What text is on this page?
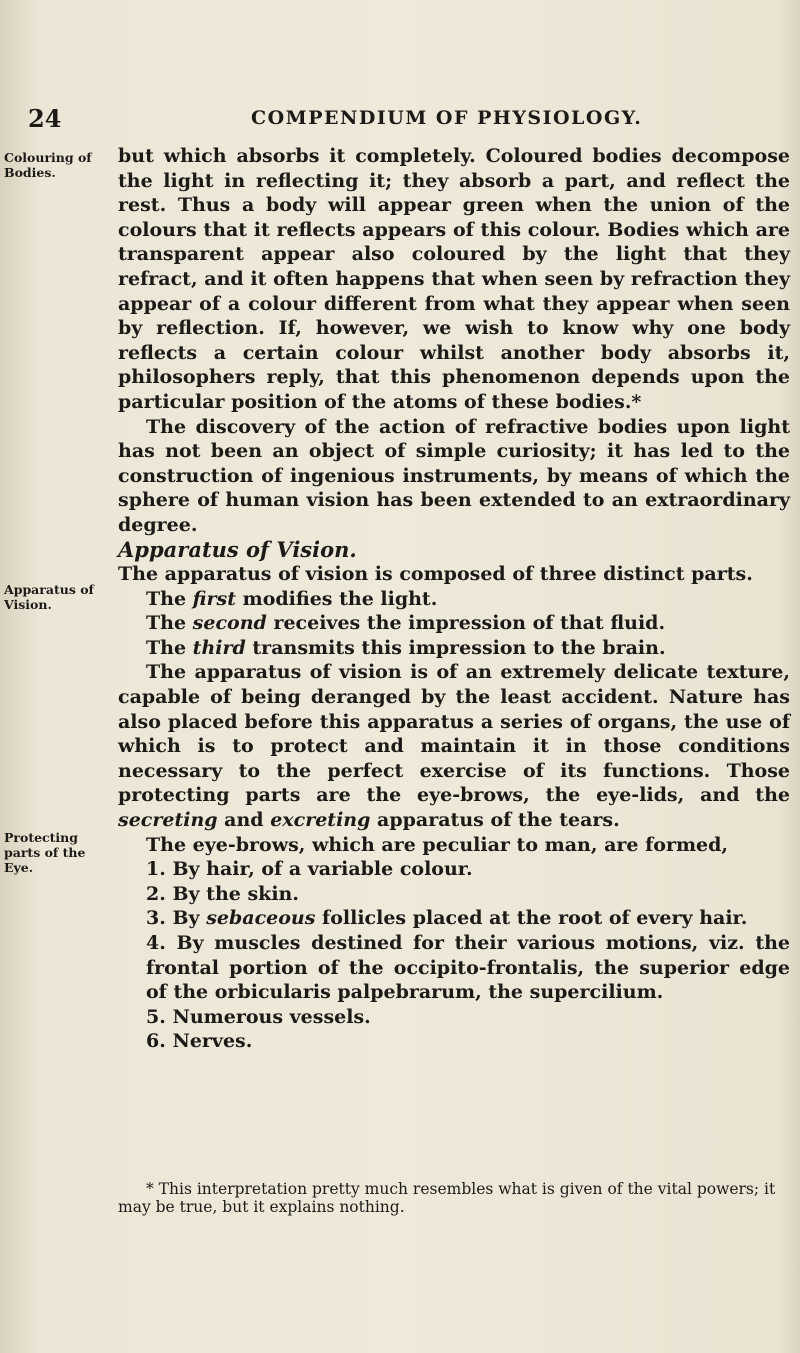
24	COMPENDIUM OF PHYSIOLOGY.
Colouring of Bodies.
Apparatus of Vision.
Protecting parts of the Eye.

but which absorbs it completely. Coloured bodies decompose the light in reflecting it; they absorb a part, and reflect the rest. Thus a body will appear green when the union of the colours that it reflects appears of this colour. Bodies which are transparent appear also coloured by the light that they refract, and it often happens that when seen by refraction they appear of a colour different from what they appear when seen by reflection. If, however, we wish to know why one body reflects a certain colour whilst another body absorbs it, philosophers reply, that this phenomenon depends upon the particular position of the atoms of these bodies.*

The discovery of the action of refractive bodies upon light has not been an object of simple curiosity; it has led to the construction of ingenious instruments, by means of which the sphere of human vision has been extended to an extraordinary degree.

Apparatus of Vision.

The apparatus of vision is composed of three distinct parts.

The first modifies the light.

The second receives the impression of that fluid.

The third transmits this impression to the brain.

The apparatus of vision is of an extremely delicate texture, capable of being deranged by the least accident. Nature has also placed before this apparatus a series of organs, the use of which is to protect and maintain it in those conditions necessary to the perfect exercise of its functions. Those protecting parts are the eye-brows, the eye-lids, and the secreting and excreting apparatus of the tears.

The eye-brows, which are peculiar to man, are formed,

1. By hair, of a variable colour.

2. By the skin.

3. By sebaceous follicles placed at the root of every hair.

4. By muscles destined for their various motions, viz. the frontal portion of the occipito-frontalis, the superior edge of the orbicularis palpebrarum, the supercilium.

5. Numerous vessels.

6. Nerves.

* This interpretation pretty much resembles what is given of the vital powers; it may be true, but it explains nothing.
